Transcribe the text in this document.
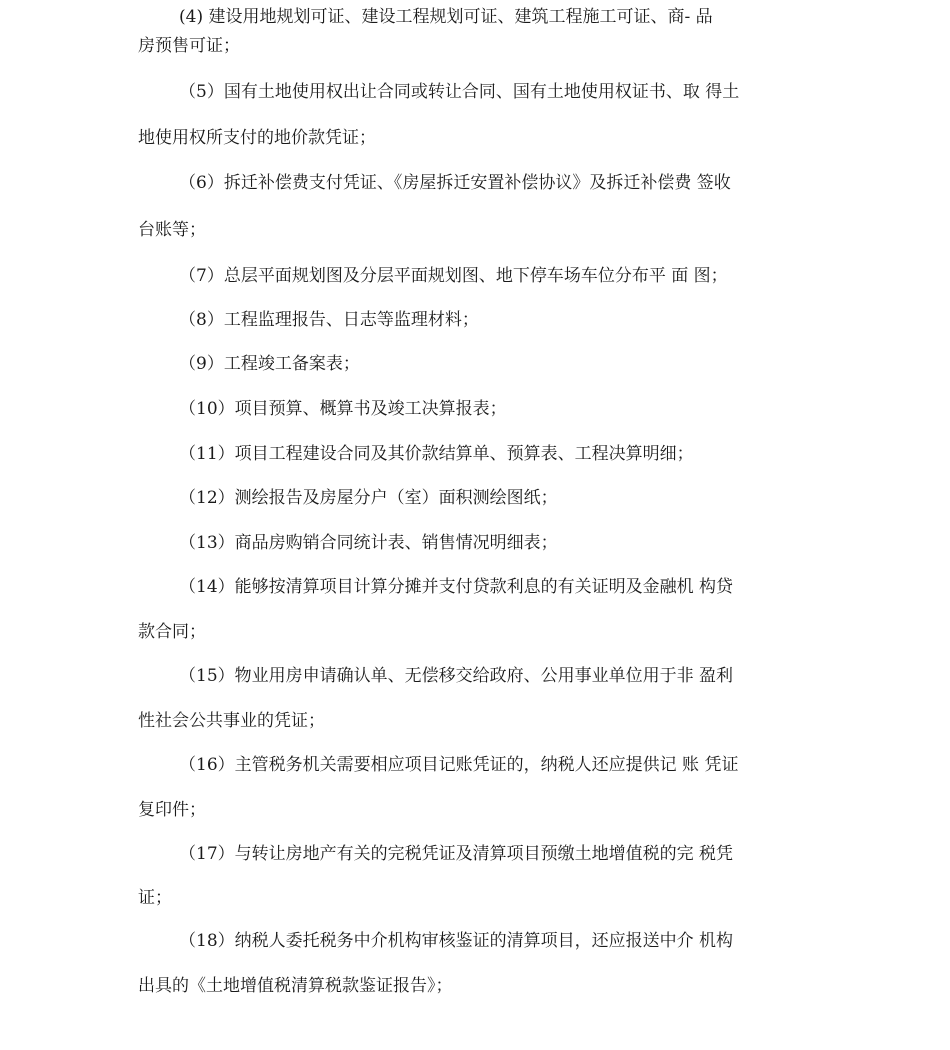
(4) 建设用地规划可证、建设工程规划可证、建筑工程施工可证、商- 品
房预售可证；
（5）国有土地使用权出让合同或转让合同、国有土地使用权证书、取 得土
地使用权所支付的地价款凭证；
（6）拆迁补偿费支付凭证、《房屋拆迁安置补偿协议》及拆迁补偿费 签收
台账等；
（7）总层平面规划图及分层平面规划图、地下停车场车位分布平 面 图；
（8）工程监理报告、日志等监理材料；
（9）工程竣工备案表；
（10）项目预算、概算书及竣工决算报表；
（11）项目工程建设合同及其价款结算单、预算表、工程决算明细；
（12）测绘报告及房屋分户（室）面积测绘图纸；
（13）商品房购销合同统计表、销售情况明细表；
（14）能够按清算项目计算分摊并支付贷款利息的有关证明及金融机 构贷
款合同；
（15）物业用房申请确认单、无偿移交给政府、公用事业单位用于非 盈利
性社会公共事业的凭证；
（16）主管税务机关需要相应项目记账凭证的，纳税人还应提供记 账 凭证
复印件；
（17）与转让房地产有关的完税凭证及清算项目预缴土地增值税的完 税凭
证；
（18）纳税人委托税务中介机构审核鉴证的清算项目，还应报送中介 机构
出具的《土地增值税清算税款鉴证报告》；
